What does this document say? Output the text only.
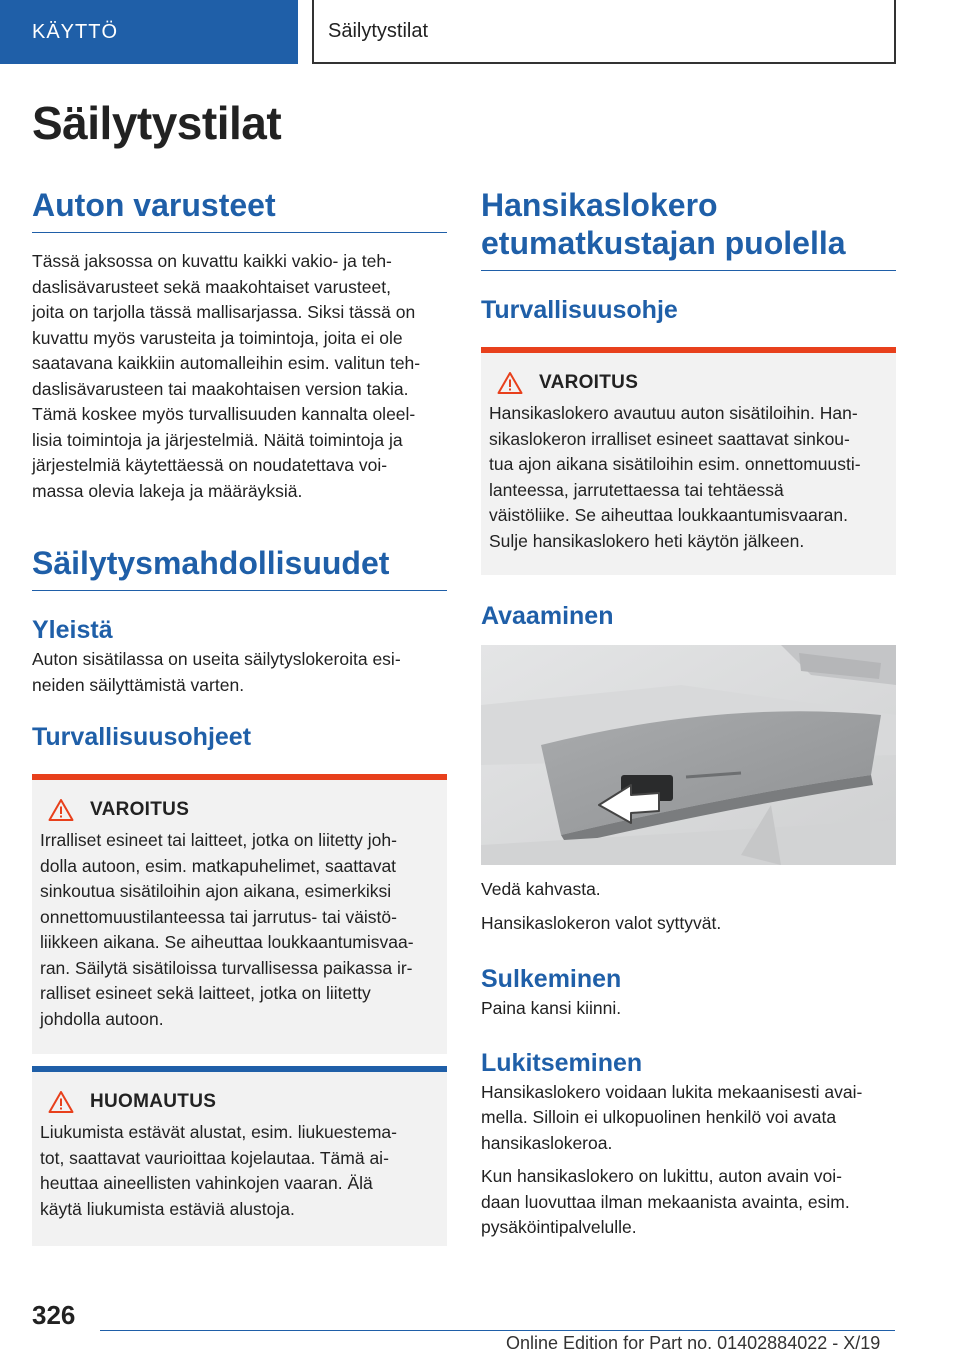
KÄYTTÖ	Säilytystilat
Säilytystilat
Auton varusteet

Tässä jaksossa on kuvattu kaikki vakio- ja teh-
daslisävarusteet sekä maakohtaiset varusteet,
joita on tarjolla tässä mallisarjassa. Siksi tässä on
kuvattu myös varusteita ja toimintoja, joita ei ole
saatavana kaikkiin automalleihin esim. valitun teh-
daslisävarusteen tai maakohtaisen version takia.
Tämä koskee myös turvallisuuden kannalta oleel-
lisia toimintoja ja järjestelmiä. Näitä toimintoja ja
järjestelmiä käytettäessä on noudatettava voi-
massa olevia lakeja ja määräyksiä.

Säilytysmahdollisuudet
Yleistä

Auton sisätilassa on useita säilytyslokeroita esi-
neiden säilyttämistä varten.

Turvallisuusohjeet
VAROITUS

Irralliset esineet tai laitteet, jotka on liitetty joh-
dolla autoon, esim. matkapuhelimet, saattavat
sinkoutua sisätiloihin ajon aikana, esimerkiksi
onnettomuustilanteessa tai jarrutus- tai väistö-
liikkeen aikana. Se aiheuttaa loukkaantumisvaa-
ran. Säilytä sisätiloissa turvallisessa paikassa ir-
ralliset esineet sekä laitteet, jotka on liitetty
johdolla autoon.

HUOMAUTUS

Liukumista estävät alustat, esim. liukuestema-
tot, saattavat vaurioittaa kojelautaa. Tämä ai-
heuttaa aineellisten vahinkojen vaaran. Älä
käytä liukumista estäviä alustoja.

Hansikaslokero
etumatkustajan puolella
Turvallisuusohje
VAROITUS

Hansikaslokero avautuu auton sisätiloihin. Han-
sikaslokeron irralliset esineet saattavat sinkou-
tua ajon aikana sisätiloihin esim. onnettomuusti-
lanteessa, jarrutettaessa tai tehtäessä
väistöliike. Se aiheuttaa loukkaantumisvaaran.
Sulje hansikaslokero heti käytön jälkeen.

Avaaminen

Vedä kahvasta.

Hansikaslokeron valot syttyvät.

Sulkeminen

Paina kansi kiinni.

Lukitseminen

Hansikaslokero voidaan lukita mekaanisesti avai-
mella. Silloin ei ulkopuolinen henkilö voi avata
hansikaslokeroa.

Kun hansikaslokero on lukittu, auton avain voi-
daan luovuttaa ilman mekaanista avainta, esim.
pysäköintipalvelulle.

326
Online Edition for Part no. 01402884022 - X/19
